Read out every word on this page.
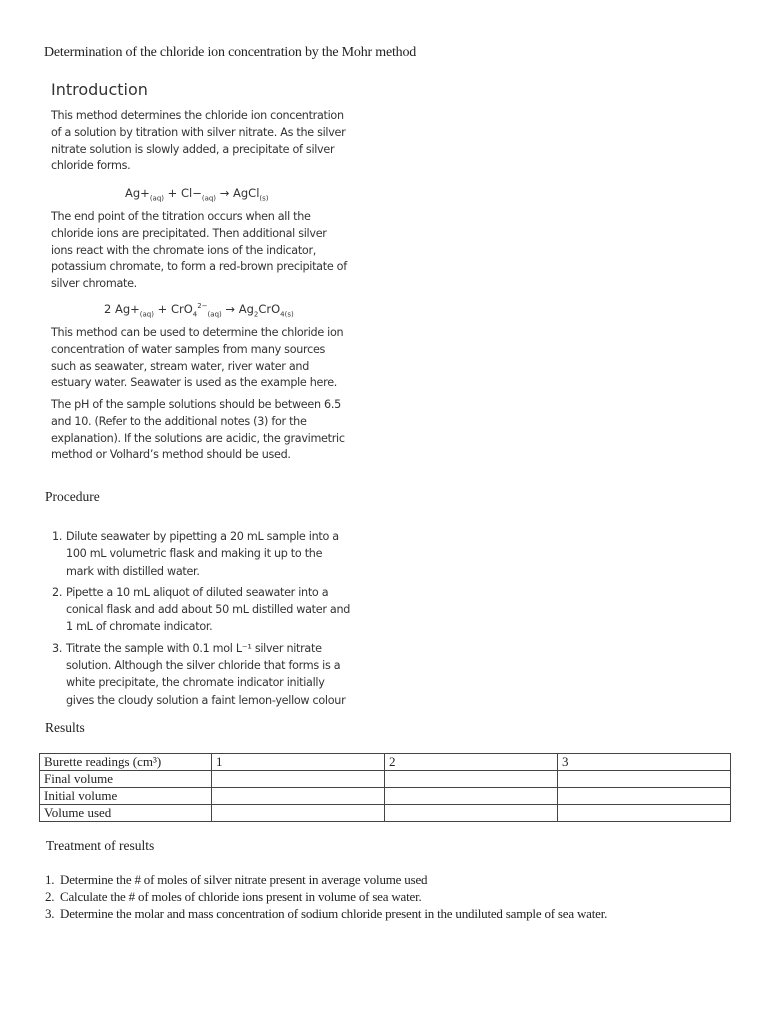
Determination of the chloride ion concentration by the Mohr method
Introduction
This method determines the chloride ion concentration of a solution by titration with silver nitrate. As the silver nitrate solution is slowly added, a precipitate of silver chloride forms.
$Ag+_{(aq)} + Cl-_{(aq)}$ → AgCl$_{(s)}$
The end point of the titration occurs when all the chloride ions are precipitated. Then additional silver ions react with the chromate ions of the indicator, potassium chromate, to form a red-brown precipitate of silver chromate.
2 $Ag+_{(aq)} + CrO_4^{2-}_{(aq)} \to Ag_2CrO_{4(s)}$
This method can be used to determine the chloride ion concentration of water samples from many sources such as seawater, stream water, river water and estuary water. Seawater is used as the example here.
The pH of the sample solutions should be between 6.5 and 10. (Refer to the additional notes (3) for the explanation). If the solutions are acidic, the gravimetric method or Volhard’s method should be used.
Procedure
1. Dilute seawater by pipetting a 20 mL sample into a 100 mL volumetric flask and making it up to the mark with distilled water.
2. Pipette a 10 mL aliquot of diluted seawater into a conical flask and add about 50 mL distilled water and 1 mL of chromate indicator.
3. Titrate the sample with 0.1 mol L⁻¹ silver nitrate solution. Although the silver chloride that forms is a white precipitate, the chromate indicator initially gives the cloudy solution a faint lemon-yellow colour
Results
Burette readings (cm³)	1	2	3
Final volume			
Initial volume			
Volume used			
Treatment of results
1. Determine the # of moles of silver nitrate present in average volume used
2. Calculate the # of moles of chloride ions present in volume of sea water.
3. Determine the molar and mass concentration of sodium chloride present in the undiluted sample of sea water.
